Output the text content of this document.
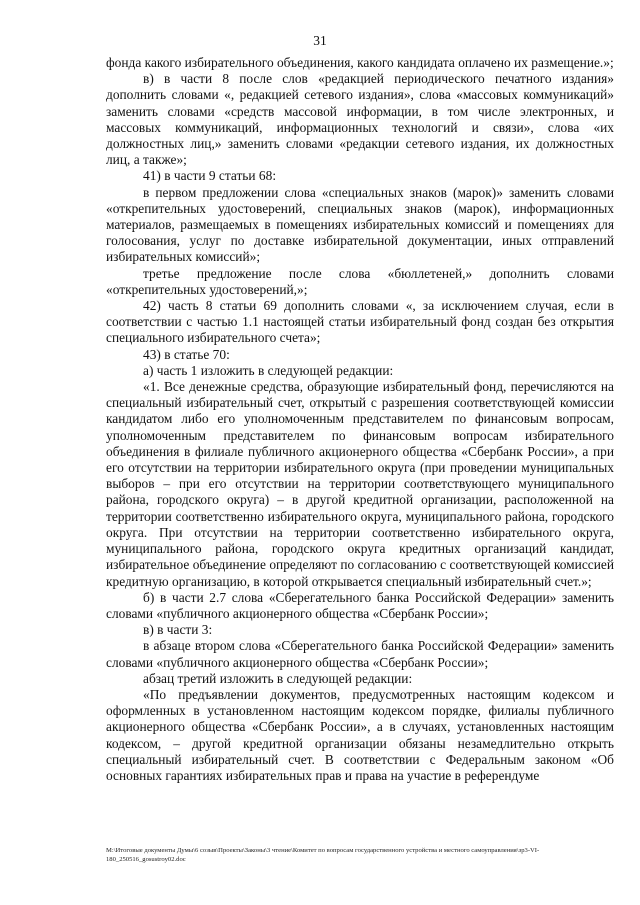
31

фонда какого избирательного объединения, какого кандидата оплачено их размещение.»;

в) в части 8 после слов «редакцией периодического печатного издания» дополнить словами «, редакцией сетевого издания», слова «массовых коммуникаций» заменить словами «средств массовой информации, в том числе электронных, и массовых коммуникаций, информационных технологий и связи», слова «их должностных лиц,» заменить словами «редакции сетевого издания, их должностных лиц, а также»;

41) в части 9 статьи 68:

в первом предложении слова «специальных знаков (марок)» заменить словами «открепительных удостоверений, специальных знаков (марок), информационных материалов, размещаемых в помещениях избирательных комиссий и помещениях для голосования, услуг по доставке избирательной документации, иных отправлений избирательных комиссий»;

третье предложение после слова «бюллетеней,» дополнить словами «открепительных удостоверений,»;

42) часть 8 статьи 69 дополнить словами «, за исключением случая, если в соответствии с частью 1.1 настоящей статьи избирательный фонд создан без открытия специального избирательного счета»;

43) в статье 70:

а) часть 1 изложить в следующей редакции:

«1. Все денежные средства, образующие избирательный фонд, перечисляются на специальный избирательный счет, открытый с разрешения соответствующей комиссии кандидатом либо его уполномоченным представителем по финансовым вопросам, уполномоченным представителем по финансовым вопросам избирательного объединения в филиале публичного акционерного общества «Сбербанк России», а при его отсутствии на территории избирательного округа (при проведении муниципальных выборов – при его отсутствии на территории соответствующего муниципального района, городского округа) – в другой кредитной организации, расположенной на территории соответственно избирательного округа, муниципального района, городского округа. При отсутствии на территории соответственно избирательного округа, муниципального района, городского округа кредитных организаций кандидат, избирательное объединение определяют по согласованию с соответствующей комиссией кредитную организацию, в которой открывается специальный избирательный счет.»;

б) в части 2.7 слова «Сберегательного банка Российской Федерации» заменить словами «публичного акционерного общества «Сбербанк России»;

в) в части 3:

в абзаце втором слова «Сберегательного банка Российской Федерации» заменить словами «публичного акционерного общества «Сбербанк России»;

абзац третий изложить в следующей редакции:

«По предъявлении документов, предусмотренных настоящим кодексом и оформленных в установленном настоящим кодексом порядке, филиалы публичного акционерного общества «Сбербанк России», а в случаях, установленных настоящим кодексом, – другой кредитной организации обязаны незамедлительно открыть специальный избирательный счет. В соответствии с Федеральным законом «Об основных гарантиях избирательных прав и права на участие в референдуме

М:\Итоговые документы Думы\6 созыв\Проекты\Законы\3 чтение\Комитет по вопросам государственного устройства и местного самоуправления\зр3-VI-180_250516_gosustroy02.doc
